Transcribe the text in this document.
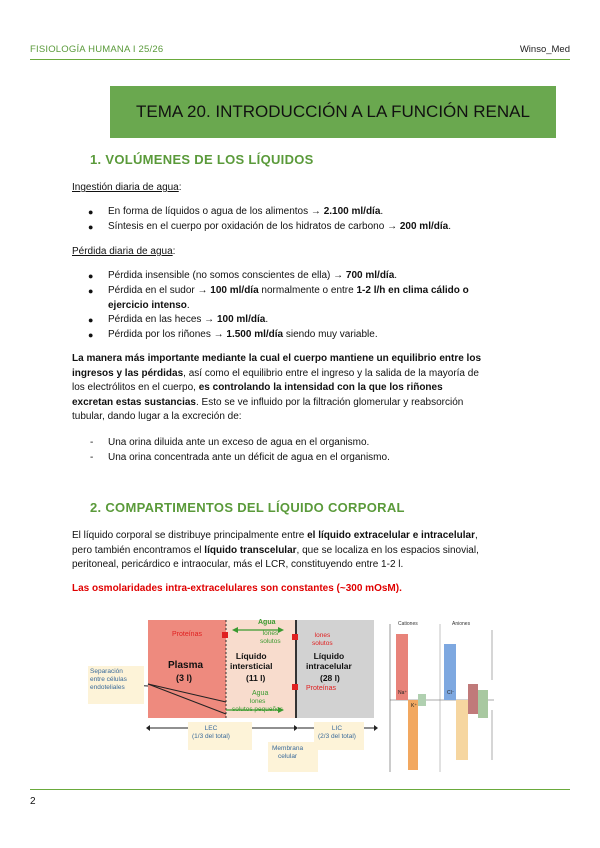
FISIOLOGÍA HUMANA I 25/26	Winso_Med
TEMA 20. INTRODUCCIÓN A LA FUNCIÓN RENAL
1. VOLÚMENES DE LOS LÍQUIDOS
Ingestión diaria de agua:
● En forma de líquidos o agua de los alimentos → 2.100 ml/día.
● Síntesis en el cuerpo por oxidación de los hidratos de carbono → 200 ml/día.
Pérdida diaria de agua:
● Pérdida insensible (no somos conscientes de ella) → 700 ml/día.
● Pérdida en el sudor → 100 ml/día normalmente o entre 1-2 l/h en clima cálido o
ejercicio intenso.
● Pérdida en las heces → 100 ml/día.
● Pérdida por los riñones → 1.500 ml/día siendo muy variable.
La manera más importante mediante la cual el cuerpo mantiene un equilibrio entre los
ingresos y las pérdidas, así como el equilibrio entre el ingreso y la salida de la mayoría de
los electrólitos en el cuerpo, es controlando la intensidad con la que los riñones
excretan estas sustancias. Esto se ve influido por la filtración glomerular y reabsorción
tubular, dando lugar a la excreción de:
- Una orina diluida ante un exceso de agua en el organismo.
- Una orina concentrada ante un déficit de agua en el organismo.
2. COMPARTIMENTOS DEL LÍQUIDO CORPORAL
El líquido corporal se distribuye principalmente entre el líquido extracelular e intracelular,
pero también encontramos el líquido transcelular, que se localiza en los espacios sinovial,
peritoneal, pericárdico e intraocular, más el LCR, constituyendo entre 1-2 l.
Las osmolaridades intra-extracelulares son constantes (~300 mOsM).
Agua
Proteínas	Iones
solutos
Iones
solutos
Plasma
(3 l)
Líquido
intersticial
(11 l)
Líquido
intracelular
(28 l)
Proteínas
Separación
entre células
endoteliales
Agua
Iones
solutos pequeños
LEC
(1/3 del total)
LIC
(2/3 del total)
Membrana
celular
Cationes	Aniones
Na⁺
K⁺
Cl⁻
2
